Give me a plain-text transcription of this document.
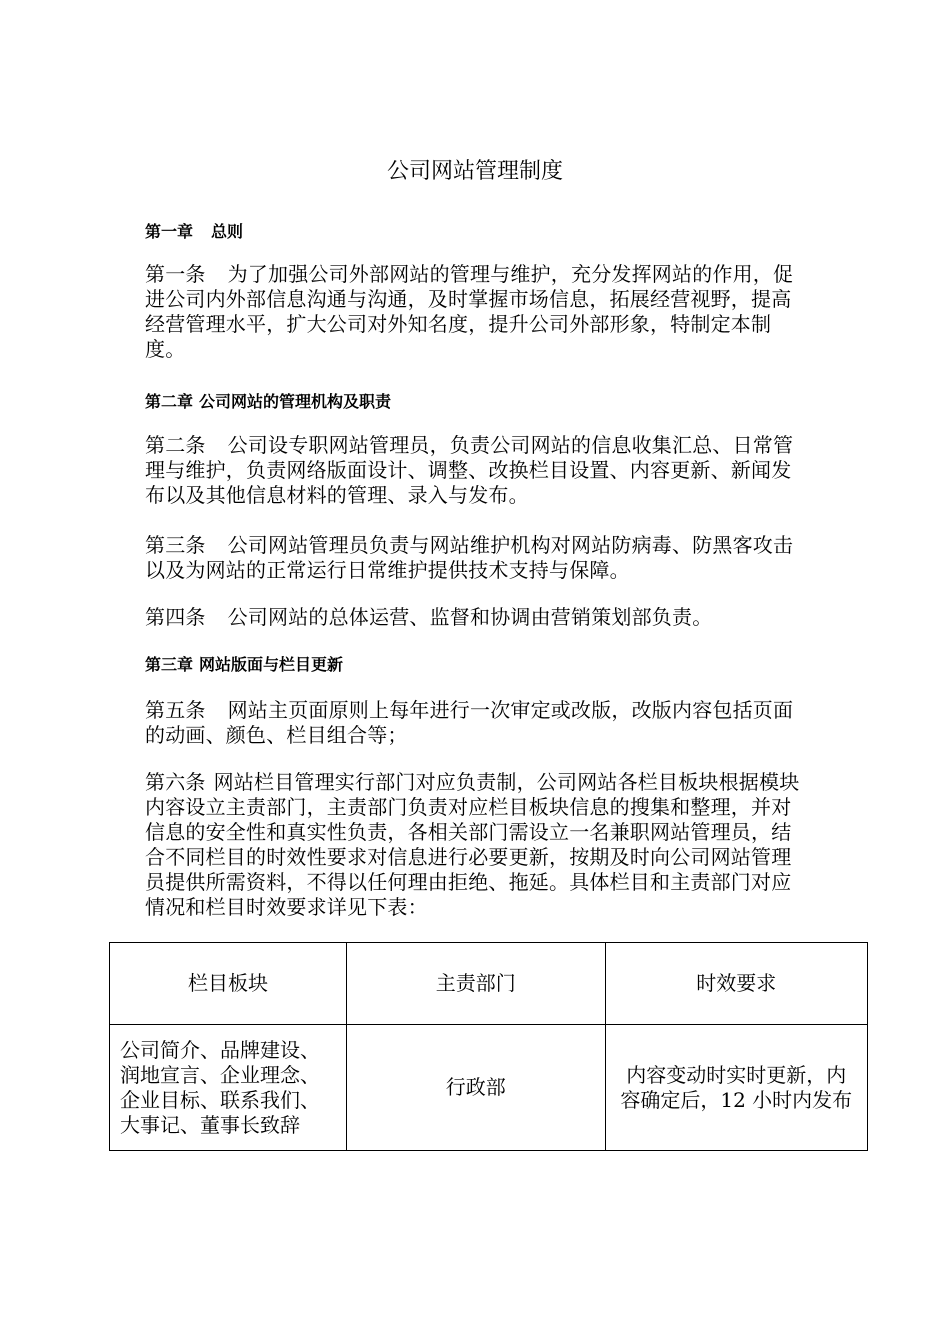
公司网站管理制度
第一章 总则

第一条 为了加强公司外部网站的管理与维护，充分发挥网站的作用，促进公司内外部信息沟通与沟通，及时掌握市场信息，拓展经营视野，提高经营管理水平，扩大公司对外知名度，提升公司外部形象，特制定本制度。

第二章 公司网站的管理机构及职责

第二条 公司设专职网站管理员，负责公司网站的信息收集汇总、日常管理与维护，负责网络版面设计、调整、改换栏目设置、内容更新、新闻发布以及其他信息材料的管理、录入与发布。

第三条 公司网站管理员负责与网站维护机构对网站防病毒、防黑客攻击以及为网站的正常运行日常维护提供技术支持与保障。

第四条 公司网站的总体运营、监督和协调由营销策划部负责。

第三章 网站版面与栏目更新

第五条 网站主页面原则上每年进行一次审定或改版，改版内容包括页面的动画、颜色、栏目组合等；

第六条 网站栏目管理实行部门对应负责制，公司网站各栏目板块根据模块内容设立主责部门，主责部门负责对应栏目板块信息的搜集和整理，并对信息的安全性和真实性负责，各相关部门需设立一名兼职网站管理员，结合不同栏目的时效性要求对信息进行必要更新，按期及时向公司网站管理员提供所需资料，不得以任何理由拒绝、拖延。具体栏目和主责部门对应情况和栏目时效要求详见下表：

栏目板块	主责部门	时效要求
公司简介、品牌建设、润地宣言、企业理念、企业目标、联系我们、大事记、董事长致辞	行政部	内容变动时实时更新，内容确定后，12 小时内发布
